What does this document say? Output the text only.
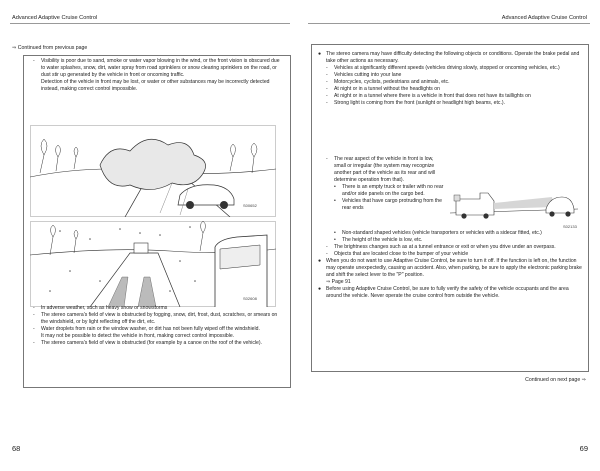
Advanced Adaptive Cruise Control	Advanced Adaptive Cruise Control
⇒ Continued from previous page

- Visibility is poor due to sand, smoke or water vapor blowing in the wind, or the front vision is obscured due to water splashes, snow, dirt, water spray from road sprinklers or snow clearing sprinklers on the road, or dust stir up generated by the vehicle in front or oncoming traffic.

Detection of the vehicle in front may be lost, or water or other substances may be incorrectly detected instead, making correct control impossible.

S00652
S02608

- In adverse weather, such as heavy snow or snowstorms

- The stereo camera's field of view is obstructed by fogging, snow, dirt, frost, dust, scratches, or smears on the windshield, or by light reflecting off the dirt, etc.

- Water droplets from rain or the window washer, or dirt has not been fully wiped off the windshield.

It may not be possible to detect the vehicle in front, making correct control impossible.

- The stereo camera's field of view is obstructed (for example by a canoe on the roof of the vehicle).

68

● The stereo camera may have difficulty detecting the following objects or conditions. Operate the brake pedal and take other actions as necessary.

- Vehicles at significantly different speeds (vehicles driving slowly, stopped or oncoming vehicles, etc.)

- Vehicles cutting into your lane

- Motorcycles, cyclists, pedestrians and animals, etc.

- At night or in a tunnel without the headlights on

- At night or in a tunnel where there is a vehicle in front that does not have its taillights on

- Strong light is coming from the front (sunlight or headlight high beams, etc.).

- The rear aspect of the vehicle in front is low, small or irregular (the system may recognize another part of the vehicle as its rear and will determine operation from that).

• There is an empty truck or trailer with no rear and/or side panels on the cargo bed.

• Vehicles that have cargo protruding from the rear ends

S02133

• Non-standard shaped vehicles (vehicle transporters or vehicles with a sidecar fitted, etc.)

• The height of the vehicle is low, etc.

- The brightness changes such as at a tunnel entrance or exit or when you drive under an overpass.

- Objects that are located close to the bumper of your vehicle

● When you do not want to use Adaptive Cruise Control, be sure to turn it off. If the function is left on, the function may operate unexpectedly, causing an accident. Also, when parking, be sure to apply the electronic parking brake and shift the select lever to the "P" position.

⇒ Page 91

● Before using Adaptive Cruise Control, be sure to fully verify the safety of the vehicle occupants and the area around the vehicle. Never operate the cruise control from outside the vehicle.

Continued on next page ⇒
69
